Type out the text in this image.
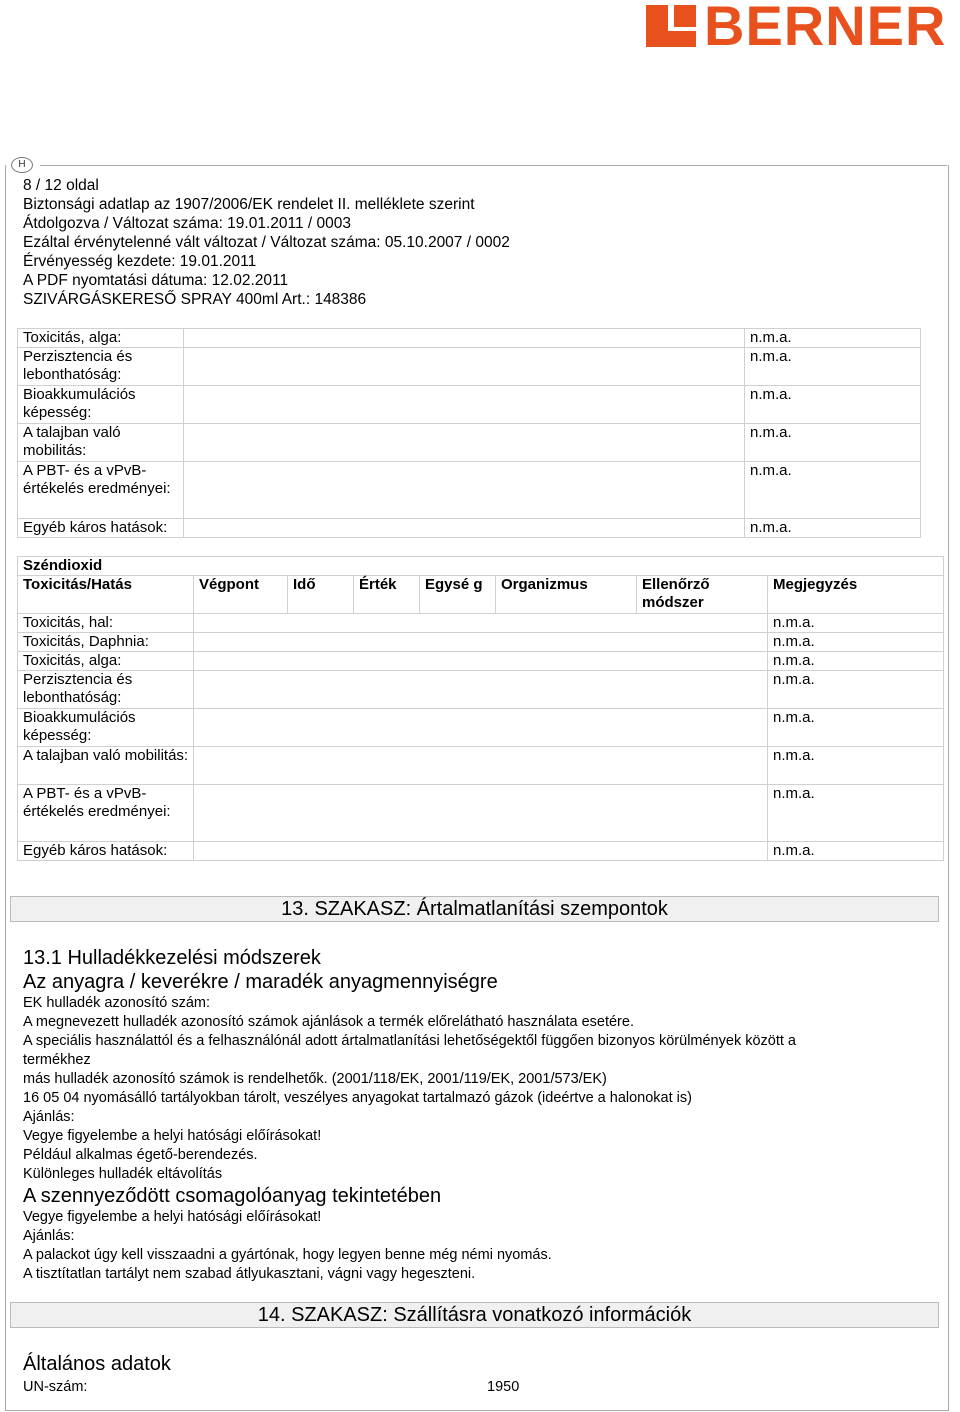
BERNER
H
8 / 12 oldal
Biztonsági adatlap az 1907/2006/EK rendelet II. melléklete szerint
Átdolgozva / Változat száma: 19.01.2011 / 0003
Ezáltal érvénytelenné vált változat / Változat száma: 05.10.2007 / 0002
Érvényesség kezdete: 19.01.2011
A PDF nyomtatási dátuma: 12.02.2011
SZIVÁRGÁSKERESŐ SPRAY 400ml Art.: 148386
Toxicitás, alga:		n.m.a.
Perzisztencia és lebonthatóság:		n.m.a.
Bioakkumulációs képesség:		n.m.a.
A talajban való mobilitás:		n.m.a.
A PBT- és a vPvB-értékelés eredményei:		n.m.a.
Egyéb káros hatások:		n.m.a.
Széndioxid							
Toxicitás/Hatás	Végpont	Idő	Érték	Egysé g	Organizmus	Ellenőrző módszer	Megjegyzés
Toxicitás, hal:							n.m.a.
Toxicitás, Daphnia:							n.m.a.
Toxicitás, alga:							n.m.a.
Perzisztencia és lebonthatóság:							n.m.a.
Bioakkumulációs képesség:							n.m.a.
A talajban való mobilitás:							n.m.a.
A PBT- és a vPvB-értékelés eredményei:							n.m.a.
Egyéb káros hatások:							n.m.a.
13. SZAKASZ: Ártalmatlanítási szempontok
13.1 Hulladékkezelési módszerek
Az anyagra / keverékre / maradék anyagmennyiségre
EK hulladék azonosító szám:
A megnevezett hulladék azonosító számok ajánlások a termék előrelátható használata esetére.
A speciális használattól és a felhasználónál adott ártalmatlanítási lehetőségektől függően bizonyos körülmények között a
termékhez
más hulladék azonosító számok is rendelhetők. (2001/118/EK, 2001/119/EK, 2001/573/EK)
16 05 04 nyomásálló tartályokban tárolt, veszélyes anyagokat tartalmazó gázok (ideértve a halonokat is)
Ajánlás:
Vegye figyelembe a helyi hatósági előírásokat!
Például alkalmas égető-berendezés.
Különleges hulladék eltávolítás
A szennyeződött csomagolóanyag tekintetében
Vegye figyelembe a helyi hatósági előírásokat!
Ajánlás:
A palackot úgy kell visszaadni a gyártónak, hogy legyen benne még némi nyomás.
A tisztítatlan tartályt nem szabad átlyukasztani, vágni vagy hegeszteni.
14. SZAKASZ: Szállításra vonatkozó információk
Általános adatok
UN-szám:	1950
